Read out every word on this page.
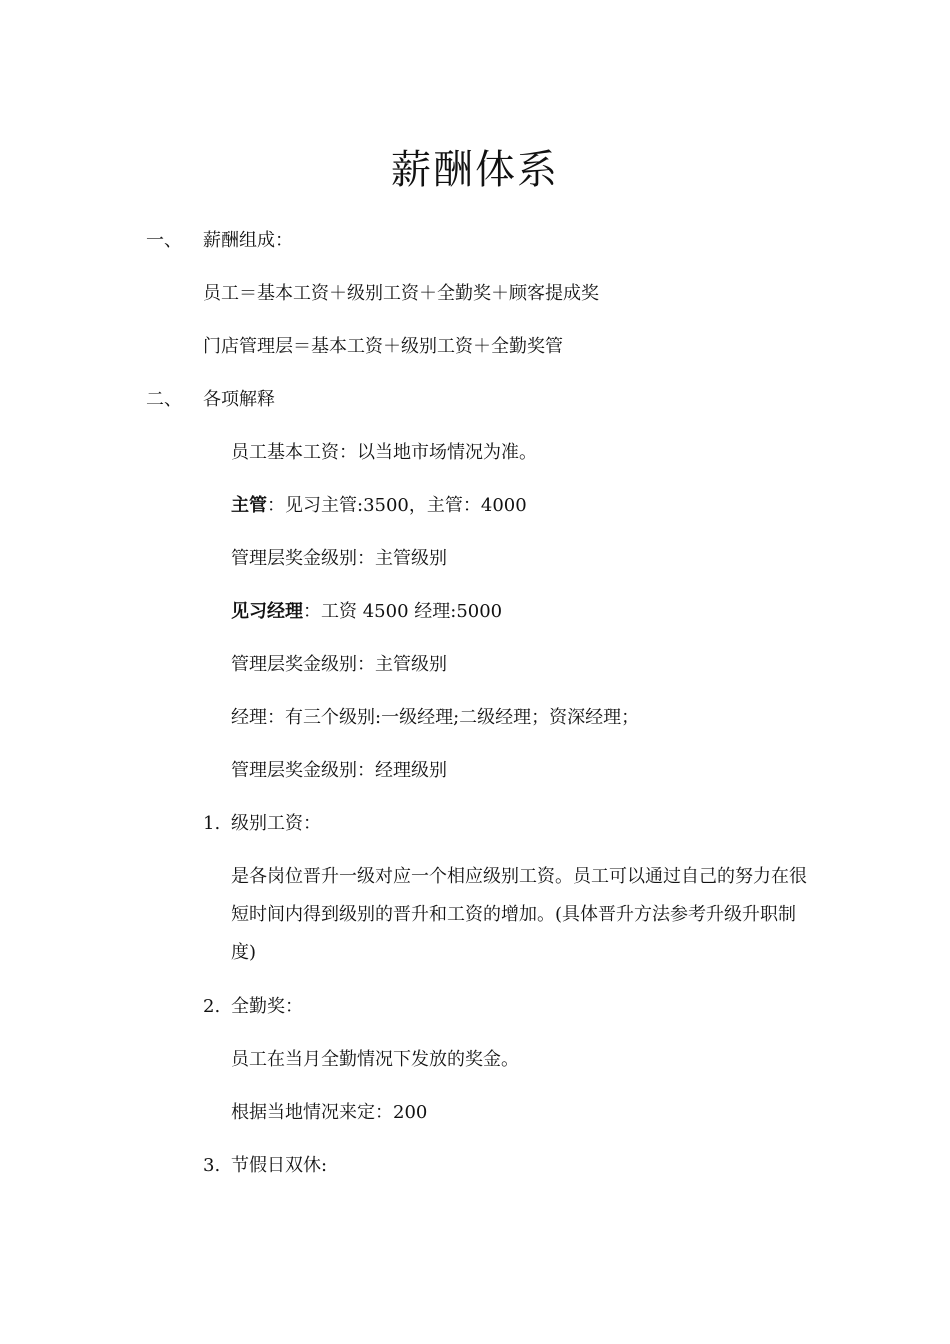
薪酬体系
一、 薪酬组成：
员工＝基本工资＋级别工资＋全勤奖＋顾客提成奖
门店管理层＝基本工资＋级别工资＋全勤奖管
二、 各项解释
员工基本工资：以当地市场情况为准。
主管：见习主管:3500，主管：4000
管理层奖金级别：主管级别
见习经理：工资 4500 经理:5000
管理层奖金级别：主管级别
经理：有三个级别:一级经理;二级经理；资深经理；
管理层奖金级别：经理级别
1. 级别工资：
是各岗位晋升一级对应一个相应级别工资。员工可以通过自己的努力在很短时间内得到级别的晋升和工资的增加。(具体晋升方法参考升级升职制度)
2. 全勤奖：
员工在当月全勤情况下发放的奖金。
根据当地情况来定：200
3. 节假日双休:
